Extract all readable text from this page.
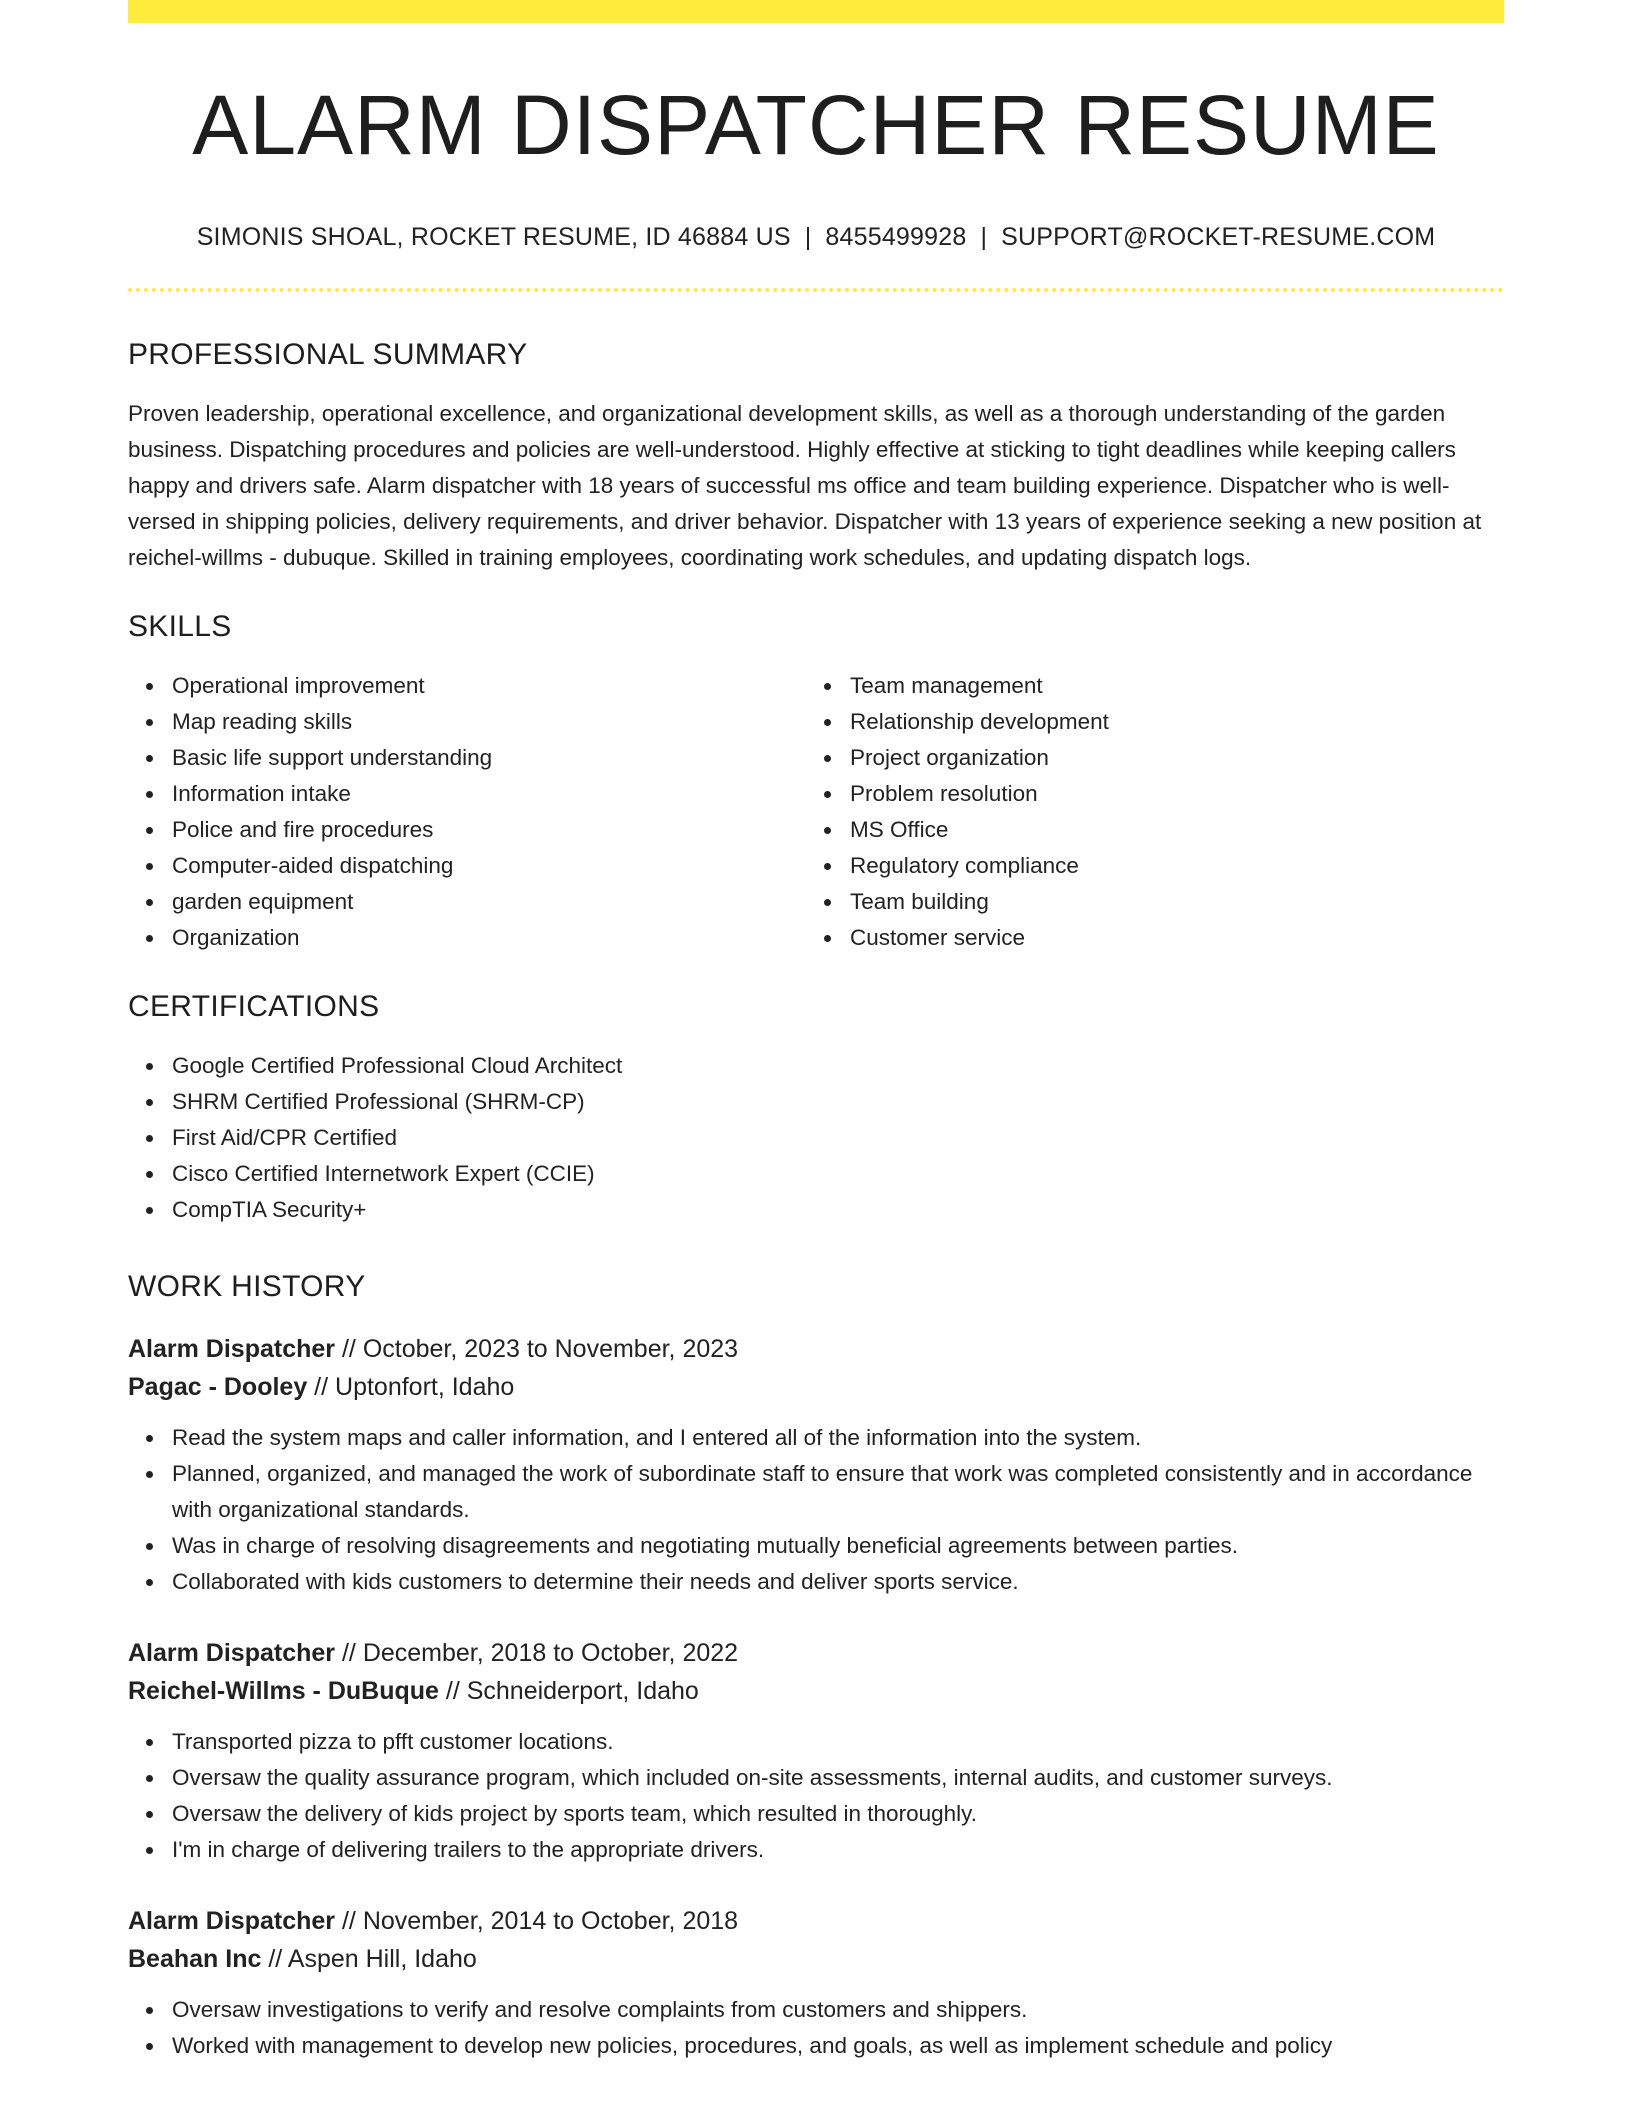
ALARM DISPATCHER RESUME
SIMONIS SHOAL, ROCKET RESUME, ID 46884 US | 8455499928 | SUPPORT@ROCKET-RESUME.COM
PROFESSIONAL SUMMARY

Proven leadership, operational excellence, and organizational development skills, as well as a thorough understanding of the garden business. Dispatching procedures and policies are well-understood. Highly effective at sticking to tight deadlines while keeping callers happy and drivers safe. Alarm dispatcher with 18 years of successful ms office and team building experience. Dispatcher who is well-versed in shipping policies, delivery requirements, and driver behavior. Dispatcher with 13 years of experience seeking a new position at reichel-willms - dubuque. Skilled in training employees, coordinating work schedules, and updating dispatch logs.

SKILLS
Operational improvement
Map reading skills
Basic life support understanding
Information intake
Police and fire procedures
Computer-aided dispatching
garden equipment
Organization
Team management
Relationship development
Project organization
Problem resolution
MS Office
Regulatory compliance
Team building
Customer service
CERTIFICATIONS
Google Certified Professional Cloud Architect
SHRM Certified Professional (SHRM-CP)
First Aid/CPR Certified
Cisco Certified Internetwork Expert (CCIE)
CompTIA Security+
WORK HISTORY
Alarm Dispatcher // October, 2023 to November, 2023
Pagac - Dooley // Uptonfort, Idaho
Read the system maps and caller information, and I entered all of the information into the system.
Planned, organized, and managed the work of subordinate staff to ensure that work was completed consistently and in accordance with organizational standards.
Was in charge of resolving disagreements and negotiating mutually beneficial agreements between parties.
Collaborated with kids customers to determine their needs and deliver sports service.
Alarm Dispatcher // December, 2018 to October, 2022
Reichel-Willms - DuBuque // Schneiderport, Idaho
Transported pizza to pfft customer locations.
Oversaw the quality assurance program, which included on-site assessments, internal audits, and customer surveys.
Oversaw the delivery of kids project by sports team, which resulted in thoroughly.
I'm in charge of delivering trailers to the appropriate drivers.
Alarm Dispatcher // November, 2014 to October, 2018
Beahan Inc // Aspen Hill, Idaho
Oversaw investigations to verify and resolve complaints from customers and shippers.
Worked with management to develop new policies, procedures, and goals, as well as implement schedule and policy
